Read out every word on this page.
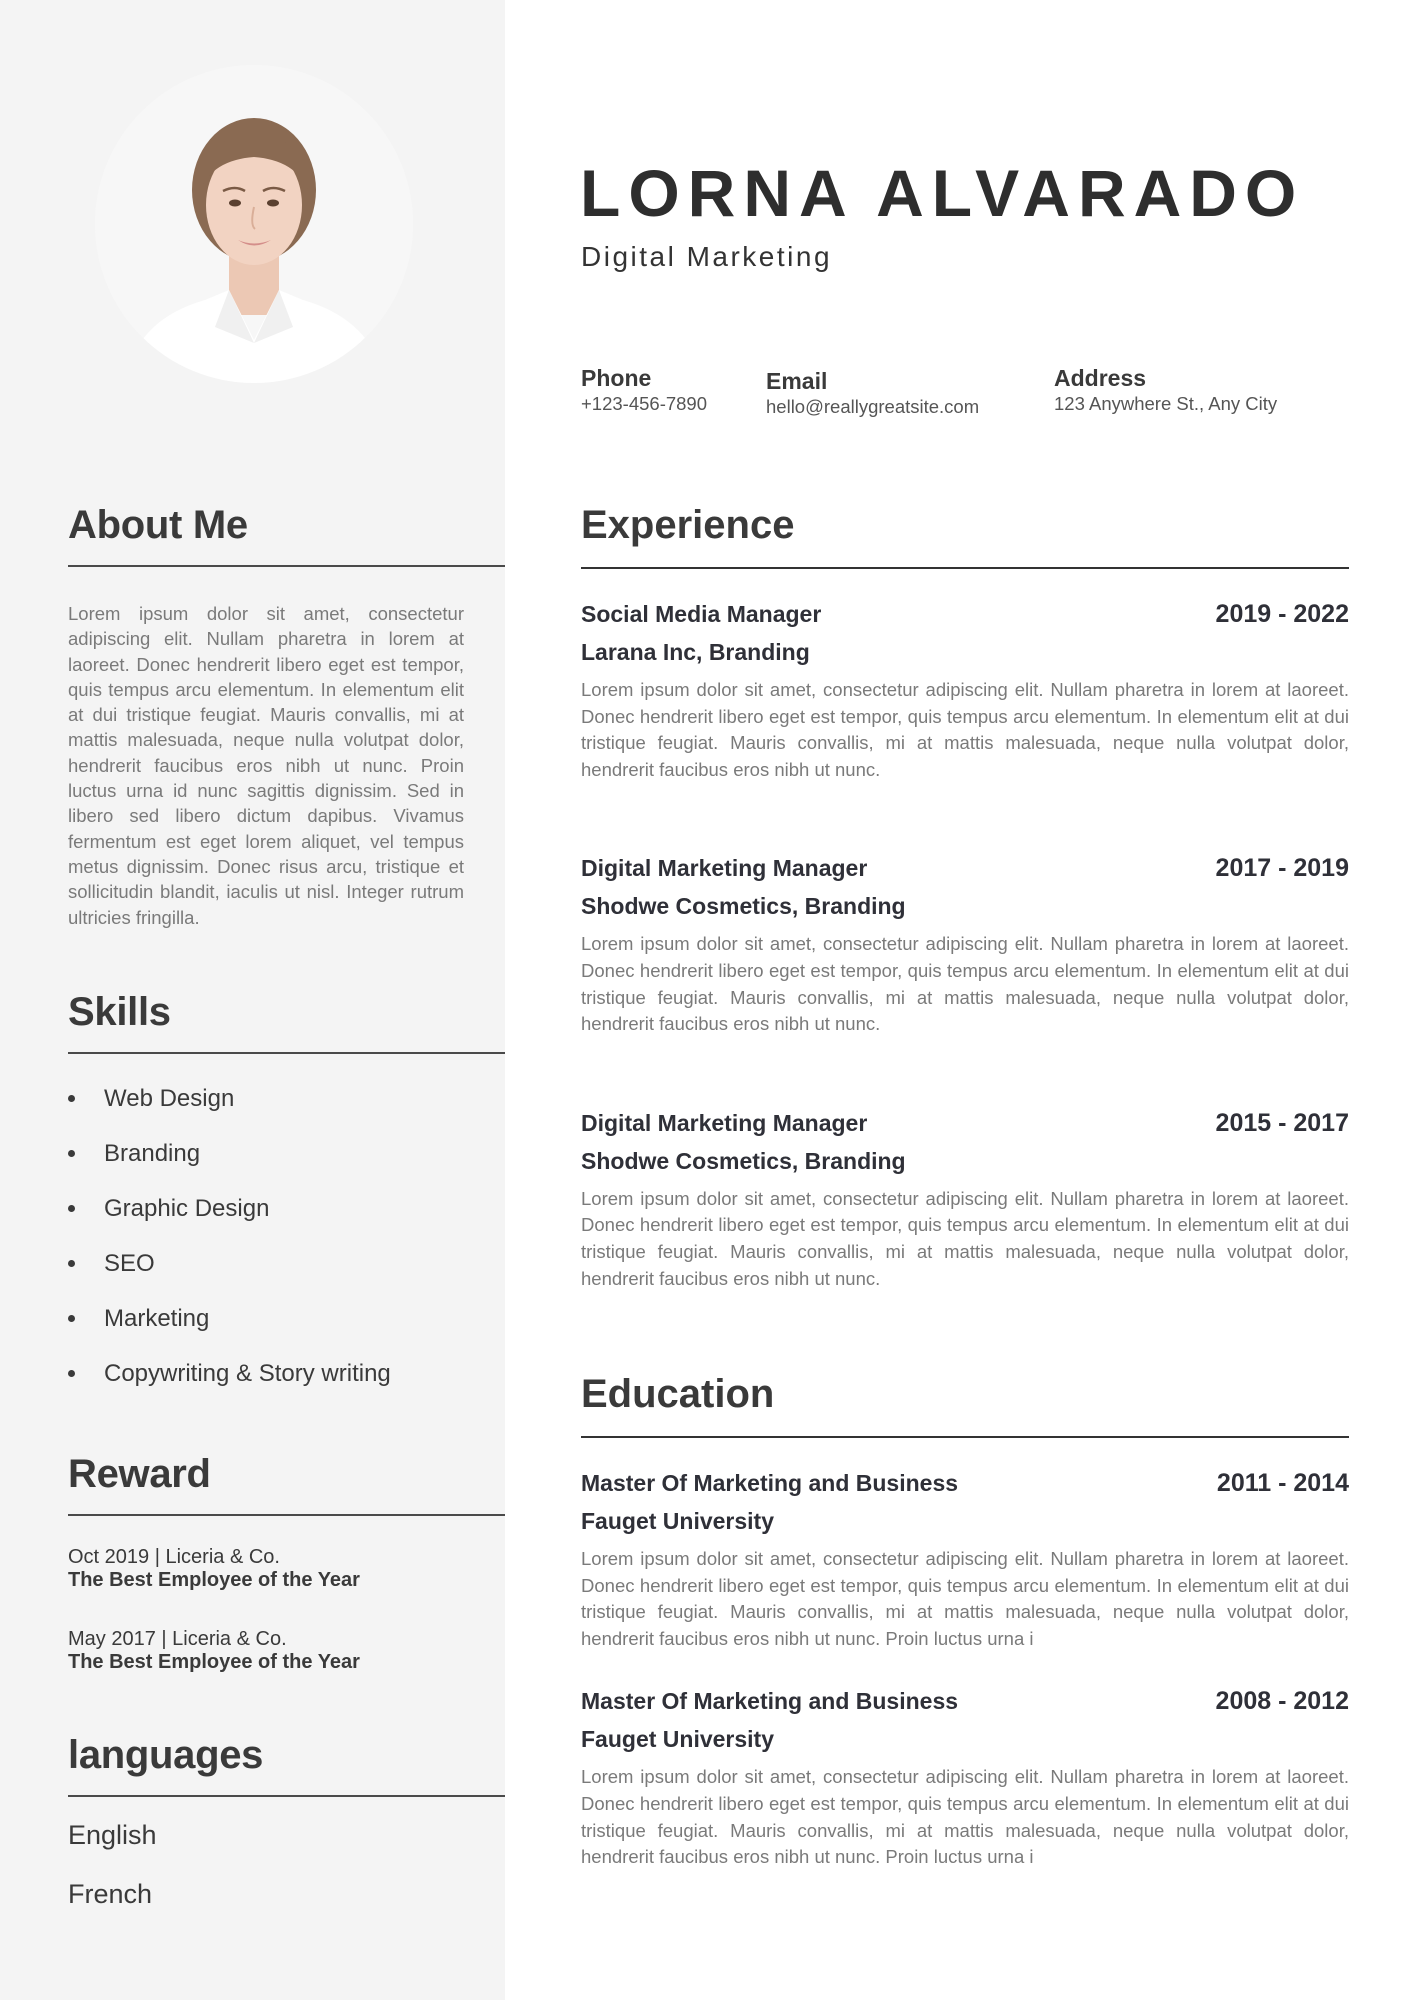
About Me

Lorem ipsum dolor sit amet, consectetur adipiscing elit. Nullam pharetra in lorem at laoreet. Donec hendrerit libero eget est tempor, quis tempus arcu elementum. In elementum elit at dui tristique feugiat. Mauris convallis, mi at mattis malesuada, neque nulla volutpat dolor, hendrerit faucibus eros nibh ut nunc. Proin luctus urna id nunc sagittis dignissim. Sed in libero sed libero dictum dapibus. Vivamus fermentum est eget lorem aliquet, vel tempus metus dignissim. Donec risus arcu, tristique et sollicitudin blandit, iaculis ut nisl. Integer rutrum ultricies fringilla.

Skills
Web Design
Branding
Graphic Design
SEO
Marketing
Copywriting & Story writing
Reward
Oct 2019 | Liceria & Co.
The Best Employee of the Year
May 2017 | Liceria & Co.
The Best Employee of the Year
languages
English
French
LORNA ALVARADO
Digital Marketing
Phone
+123-456-7890
Email
hello@reallygreatsite.com
Address
123 Anywhere St., Any City
Experience
Social Media Manager	2019 - 2022
Larana Inc, Branding

Lorem ipsum dolor sit amet, consectetur adipiscing elit. Nullam pharetra in lorem at laoreet. Donec hendrerit libero eget est tempor, quis tempus arcu elementum. In elementum elit at dui tristique feugiat. Mauris convallis, mi at mattis malesuada, neque nulla volutpat dolor, hendrerit faucibus eros nibh ut nunc.

Digital Marketing Manager	2017 - 2019
Shodwe Cosmetics, Branding

Lorem ipsum dolor sit amet, consectetur adipiscing elit. Nullam pharetra in lorem at laoreet. Donec hendrerit libero eget est tempor, quis tempus arcu elementum. In elementum elit at dui tristique feugiat. Mauris convallis, mi at mattis malesuada, neque nulla volutpat dolor, hendrerit faucibus eros nibh ut nunc.

Digital Marketing Manager	2015 - 2017
Shodwe Cosmetics, Branding

Lorem ipsum dolor sit amet, consectetur adipiscing elit. Nullam pharetra in lorem at laoreet. Donec hendrerit libero eget est tempor, quis tempus arcu elementum. In elementum elit at dui tristique feugiat. Mauris convallis, mi at mattis malesuada, neque nulla volutpat dolor, hendrerit faucibus eros nibh ut nunc.

Education
Master Of Marketing and Business	2011 - 2014
Fauget University

Lorem ipsum dolor sit amet, consectetur adipiscing elit. Nullam pharetra in lorem at laoreet. Donec hendrerit libero eget est tempor, quis tempus arcu elementum. In elementum elit at dui tristique feugiat. Mauris convallis, mi at mattis malesuada, neque nulla volutpat dolor, hendrerit faucibus eros nibh ut nunc. Proin luctus urna i

Master Of Marketing and Business	2008 - 2012
Fauget University

Lorem ipsum dolor sit amet, consectetur adipiscing elit. Nullam pharetra in lorem at laoreet. Donec hendrerit libero eget est tempor, quis tempus arcu elementum. In elementum elit at dui tristique feugiat. Mauris convallis, mi at mattis malesuada, neque nulla volutpat dolor, hendrerit faucibus eros nibh ut nunc. Proin luctus urna i
